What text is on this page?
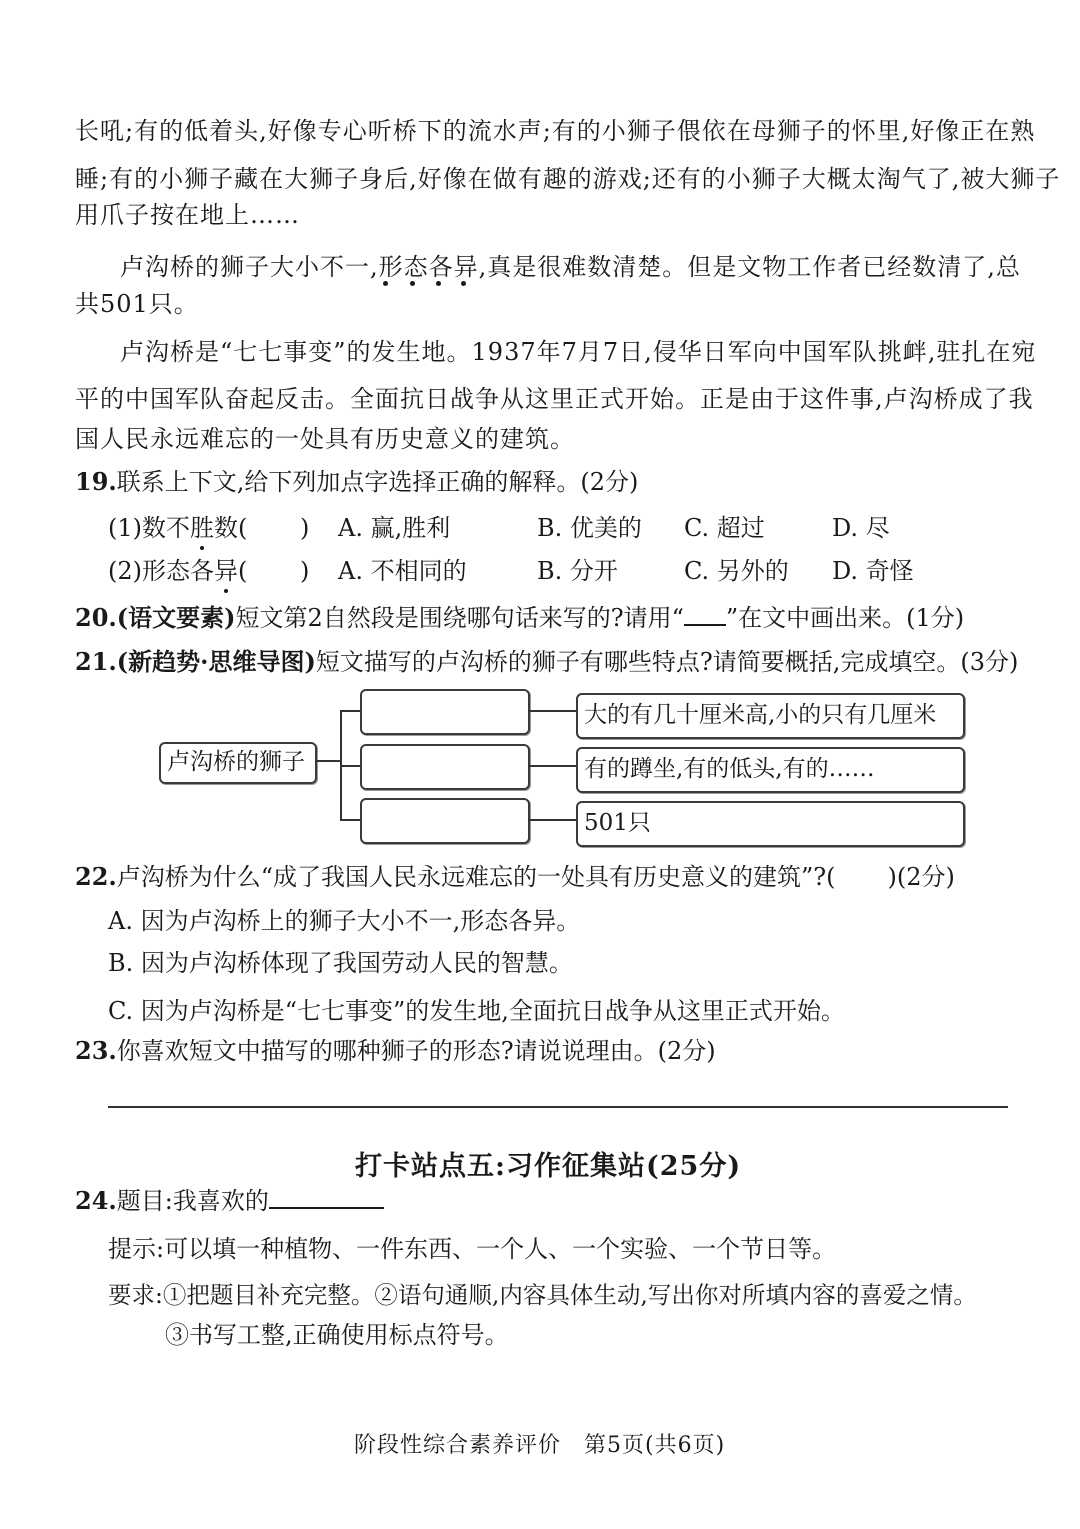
长吼;有的低着头,好像专心听桥下的流水声;有的小狮子偎依在母狮子的怀里,好像正在熟
睡;有的小狮子藏在大狮子身后,好像在做有趣的游戏;还有的小狮子大概太淘气了,被大狮子
用爪子按在地上……
卢沟桥的狮子大小不一,形态各异,真是很难数清楚。但是文物工作者已经数清了,总
共501只。
卢沟桥是“七七事变”的发生地。1937年7月7日,侵华日军向中国军队挑衅,驻扎在宛
平的中国军队奋起反击。全面抗日战争从这里正式开始。正是由于这件事,卢沟桥成了我
国人民永远难忘的一处具有历史意义的建筑。
19.联系上下文,给下列加点字选择正确的解释。(2分)
(1)数不胜数( ) A. 赢,胜利	B. 优美的 C. 超过	D. 尽
(2)形态各异( ) A. 不相同的	B. 分开	C. 另外的 D. 奇怪
20.(语文要素)短文第2自然段是围绕哪句话来写的?请用“ ”在文中画出来。(1分)
21.(新趋势·思维导图)短文描写的卢沟桥的狮子有哪些特点?请简要概括,完成填空。(3分)
卢沟桥的狮子
大的有几十厘米高,小的只有几厘米
有的蹲坐,有的低头,有的……
501只
22.卢沟桥为什么“成了我国人民永远难忘的一处具有历史意义的建筑”?( )(2分)
A. 因为卢沟桥上的狮子大小不一,形态各异。
B. 因为卢沟桥体现了我国劳动人民的智慧。
C. 因为卢沟桥是“七七事变”的发生地,全面抗日战争从这里正式开始。
23.你喜欢短文中描写的哪种狮子的形态?请说说理由。(2分)
打卡站点五:习作征集站(25分)
24.题目:我喜欢的
提示:可以填一种植物、一件东西、一个人、一个实验、一个节日等。
要求:①把题目补充完整。②语句通顺,内容具体生动,写出你对所填内容的喜爱之情。
③书写工整,正确使用标点符号。
阶段性综合素养评价　第5页(共6页)
